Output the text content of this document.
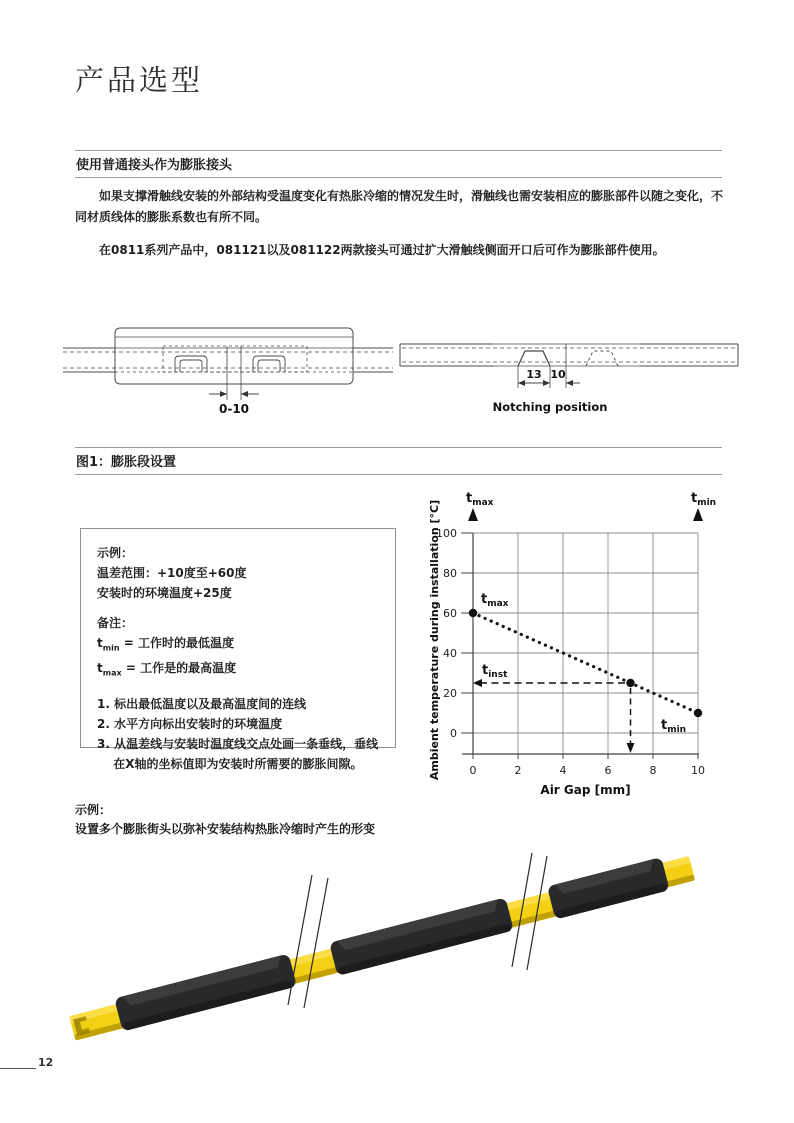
产品选型
使用普通接头作为膨胀接头

如果支撑滑触线安装的外部结构受温度变化有热胀冷缩的情况发生时，滑触线也需安装相应的膨胀部件以随之变化，不同材质线体的膨胀系数也有所不同。

在0811系列产品中，081121以及081122两款接头可通过扩大滑触线侧面开口后可作为膨胀部件使用。

0-10
13 10
Notching position
图1：膨胀段设置
示例：
温差范围：+10度至+60度
安装时的环境温度+25度
备注：
$t_{min}$ = 工作时的最低温度
$t_{max}$ = 工作是的最高温度
1. 标出最低温度以及最高温度间的连线
2. 水平方向标出安装时的环境温度
3. 从温差线与安装时温度线交点处画一条垂线，垂线在X轴的坐标值即为安装时所需要的膨胀间隙。
0
20
40
60
80
100
0	2	4	6	8	10
Air Gap [mm]
Ambient temperature during installation [°C]
$t_{max}$	$t_{min}$
$t_{inst}$
$t_{max}$
$t_{min}$
示例：
设置多个膨胀街头以弥补安装结构热胀冷缩时产生的形变
12
